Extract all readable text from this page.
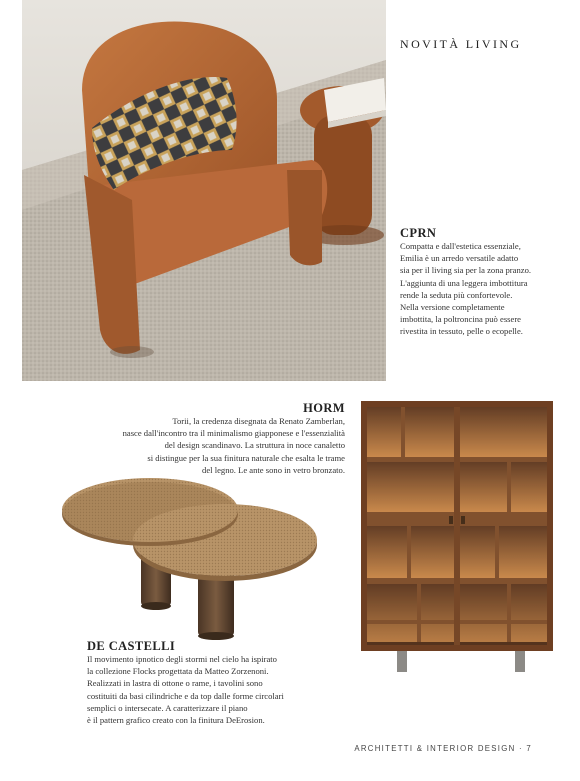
NOVITÀ LIVING
CPRN
Compatta e dall'estetica essenziale,
Emilia è un arredo versatile adatto
sia per il living sia per la zona pranzo.
L'aggiunta di una leggera imbottitura
rende la seduta più confortevole.
Nella versione completamente
imbottita, la poltroncina può essere
rivestita in tessuto, pelle o ecopelle.
HORM
Torii, la credenza disegnata da Renato Zamberlan,
nasce dall'incontro tra il minimalismo giapponese e l'essenzialità
del design scandinavo. La struttura in noce canaletto
si distingue per la sua finitura naturale che esalta le trame
del legno. Le ante sono in vetro bronzato.
DE CASTELLI
Il movimento ipnotico degli stormi nel cielo ha ispirato
la collezione Flocks progettata da Matteo Zorzenoni.
Realizzati in lastra di ottone o rame, i tavolini sono
costituiti da basi cilindriche e da top dalle forme circolari
semplici o intersecate. A caratterizzare il piano
è il pattern grafico creato con la finitura DeErosion.
ARCHITETTI & INTERIOR DESIGN · 7
